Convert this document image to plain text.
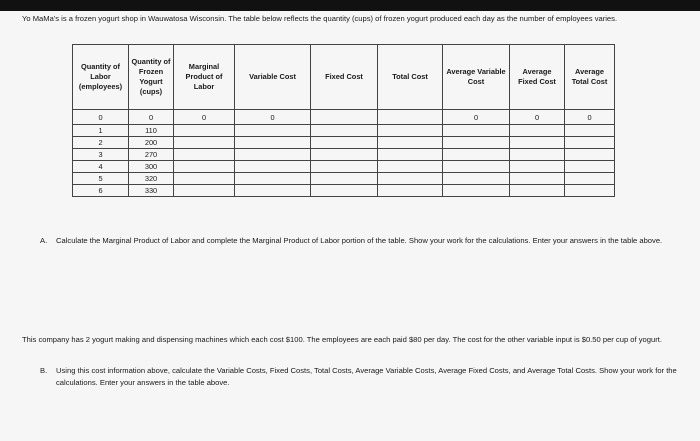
Yo MaMa's is a frozen yogurt shop in Wauwatosa Wisconsin. The table below reflects the quantity (cups) of frozen yogurt produced each day as the number of employees varies.
Quantity of Labor (employees)	Quantity of Frozen Yogurt (cups)	Marginal Product of Labor	Variable Cost	Fixed Cost	Total Cost	Average Variable Cost	Average Fixed Cost	Average Total Cost
0	0	0	0			0	0	0
1	110							
2	200							
3	270							
4	300							
5	320							
6	330							
A. Calculate the Marginal Product of Labor and complete the Marginal Product of Labor portion of the table. Show your work for the calculations. Enter your answers in the table above.
This company has 2 yogurt making and dispensing machines which each cost $100. The employees are each paid $80 per day. The cost for the other variable input is $0.50 per cup of yogurt.
B. Using this cost information above, calculate the Variable Costs, Fixed Costs, Total Costs, Average Variable Costs, Average Fixed Costs, and Average Total Costs. Show your work for the calculations. Enter your answers in the table above.
